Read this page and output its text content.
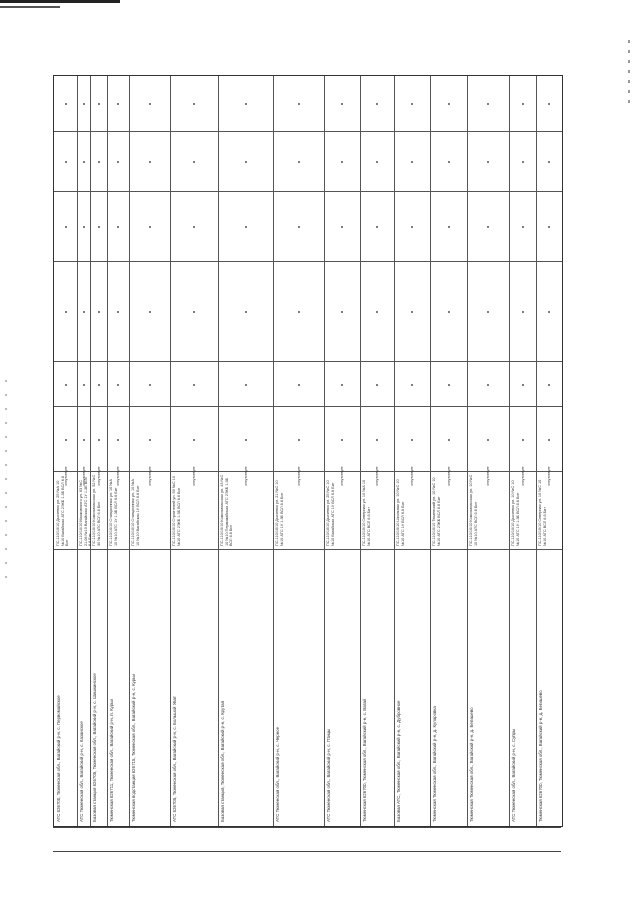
АТС 626700, Тюменская обл., Вагайский р-н, с. Первомайское
ПС-110/10/10 Дьяченко ул. 25 №А 10 №10 Вагайская АТС 2ЭКБ 1.3Б ВСЛ 6.6 Бит
отсутствует
АТС Тюменская обл., Вагайский р-н, с. Казанское
ПС-110/10/10 Маяковского ул. 63 №С 21.06 №10 Вагайская АТС 1У 1.3Б ВСЛ 6.6 Бит
отсутствует
Базовая станция 626705, Тюменская обл., Вагайский р-н, с. Шишкинское
ПС-110/10/10 Комсомольская ул. 52 №С 30 №10 АТС ВСЛ 6.6 Бит
отсутствует
Тюменская 626711, Тюменская обл., Вагайский р-н, п. Курьи
ПС-110/10/10 Станционная ул. 10 №А 10 №10 АТС 1У 1.3Б ВСЛ 6.6 Бит
отсутствует
Тюменская подстанция 626715, Тюменская обл., Вагайский р-н, с. Курьи
ПС-110/10/10 Станционная ул. 10 №А 10 №10 Вагайская 1У ВСЛ 6.6 Бит
отсутствует
АТС 626705, Тюменская обл., Вагайский р-н, с. Большой Уват
ПС-110/10/10 Строителей ул. 59 №С 10 №10 АТС 2ЭКБ 1.3Б ВСЛ 6.6 Бит
отсутствует
Базовая станция, Тюменская обл., Вагайский р-н, с. Крутая
ПС-110/10/10 Комсомольская ул. 43 №С 10 №10 Первомайская АТС 2ЭКБ 1.3Б ВСЛ 6.6 Бит
отсутствует
АТС Тюменская обл., Вагайский р-н, с. Черное
ПС-110/10/10 Дьяченко ул. 21 №С 10 №10 АТС 1У 1.3Б ВСЛ 6.6 Бит
отсутствует
АТС Тюменская обл., Вагайский р-н, с. Птицы
ПС-110/10/10 Дьяченко ул. 25 №С 10 №10 Вагайская АТС 1У ВСЛ 6.6 Бит
отсутствует
Тюменская 626700, Тюменская обл., Вагайский р-н, с. Вагай
ПС-110/10/10 Северная ул. 10 №А 10 №10 АТС ВСЛ 6.6 Бит
отсутствует
Базовая АТС, Тюменская обл., Вагайский р-н, с. Дубровное
ПС-110/10/10 Школьная ул. 10 №С 10 №10 АТС 1У ВСЛ 6.6 Бит
отсутствует
Тюменская Тюменская обл., Вагайский р-н, д. Куларовка
ПС-110/10/10 Тюменский ул. 10 №С 10 №10 АТС 2ЭКБ ВСЛ 6.6 Бит
отсутствует
Тюменская Тюменская обл., Вагайский р-н, д. Бегишево
ПС-110/10/10 Комсомольская ул. 10 №С 10 №10 АТС ВСЛ 6.6 Бит
отсутствует
АТС Тюменская обл., Вагайский р-н, с. Супры
ПС-110/10/10 Дьяченко ул. 10 №С 10 №10 АТС 1У 1.3Б ВСЛ 6.6 Бит
отсутствует
Тюменская 626700, Тюменская обл., Вагайский р-н, д. Бегишево
ПС-110/10/10 Северная ул. 10 №С 10 №10 АТС ВСЛ 6.6 Бит
отсутствует
